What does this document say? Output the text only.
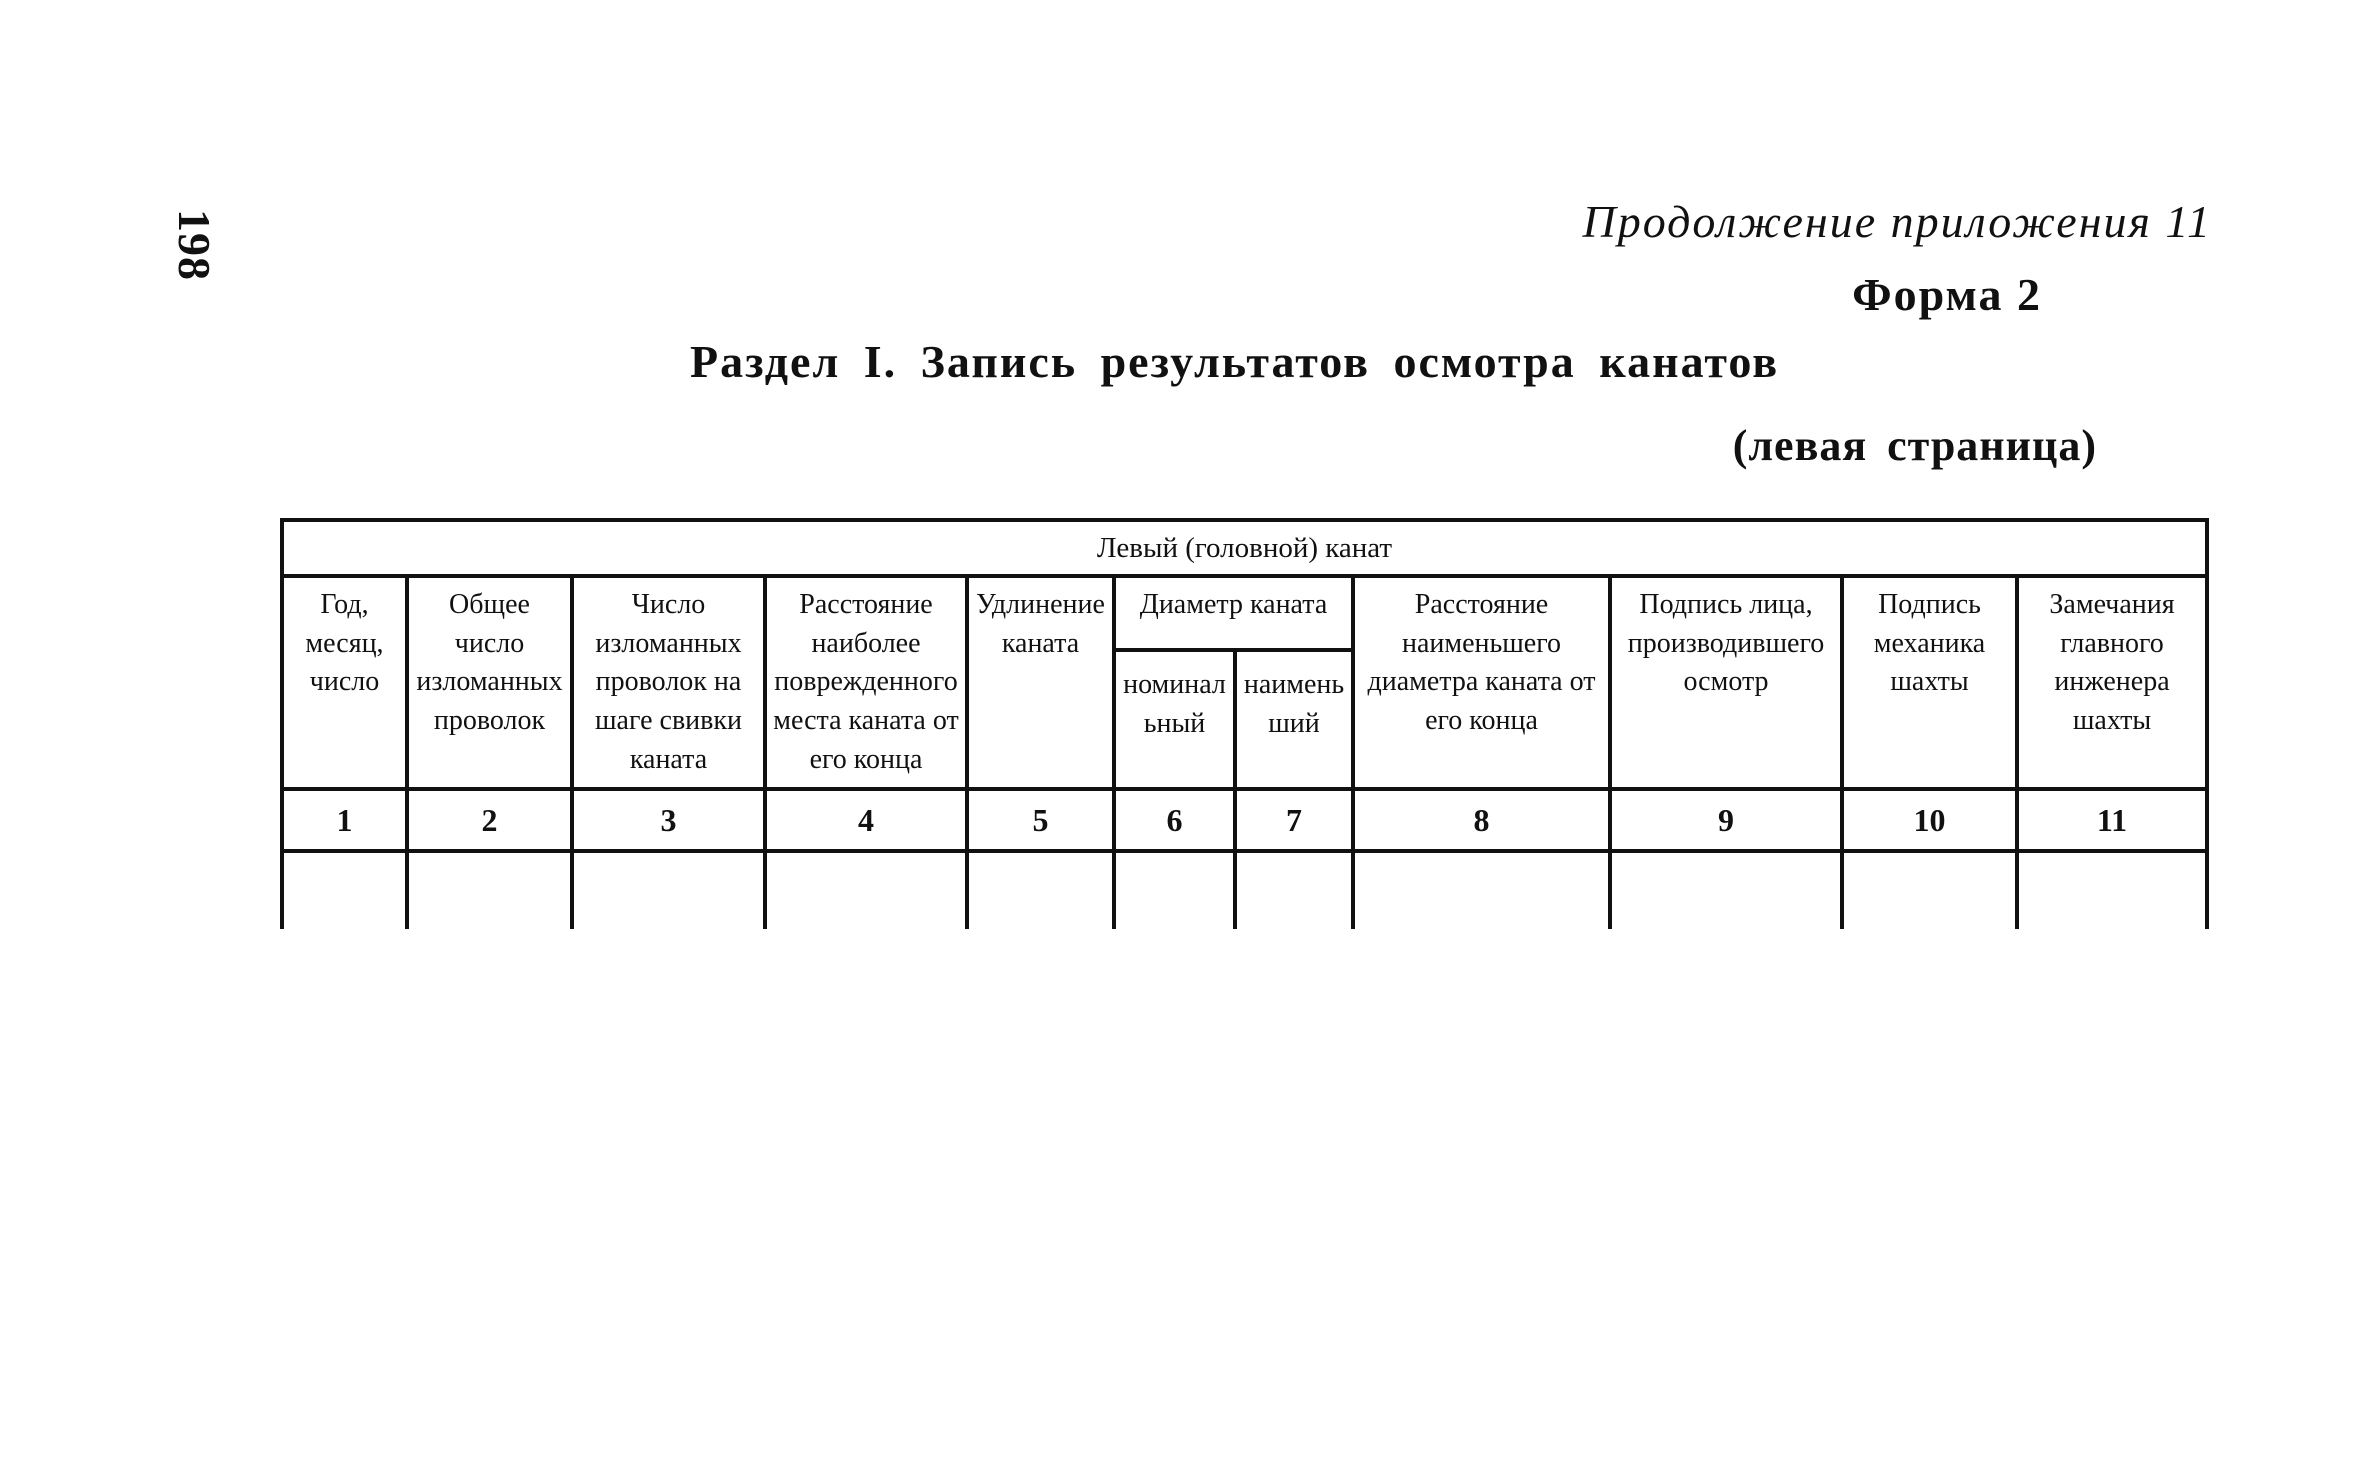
198	Продолжение приложения 11
Форма 2
Раздел I. Запись результатов осмотра канатов
(левая страница)
Левый (головной) канат										
Год, месяц, число	Общее число изломанных проволок	Число изломанных проволок на шаге свивки каната	Расстояние наиболее поврежденного места каната от его конца	Удлинение каната	Диаметр каната		Расстояние наименьшего диаметра каната от его конца	Подпись лица, производившего осмотр	Подпись механика шахты	Замечания главного инженера шахты
					номинальный	наименьший				
1	2	3	4	5	6	7	8	9	10	11
